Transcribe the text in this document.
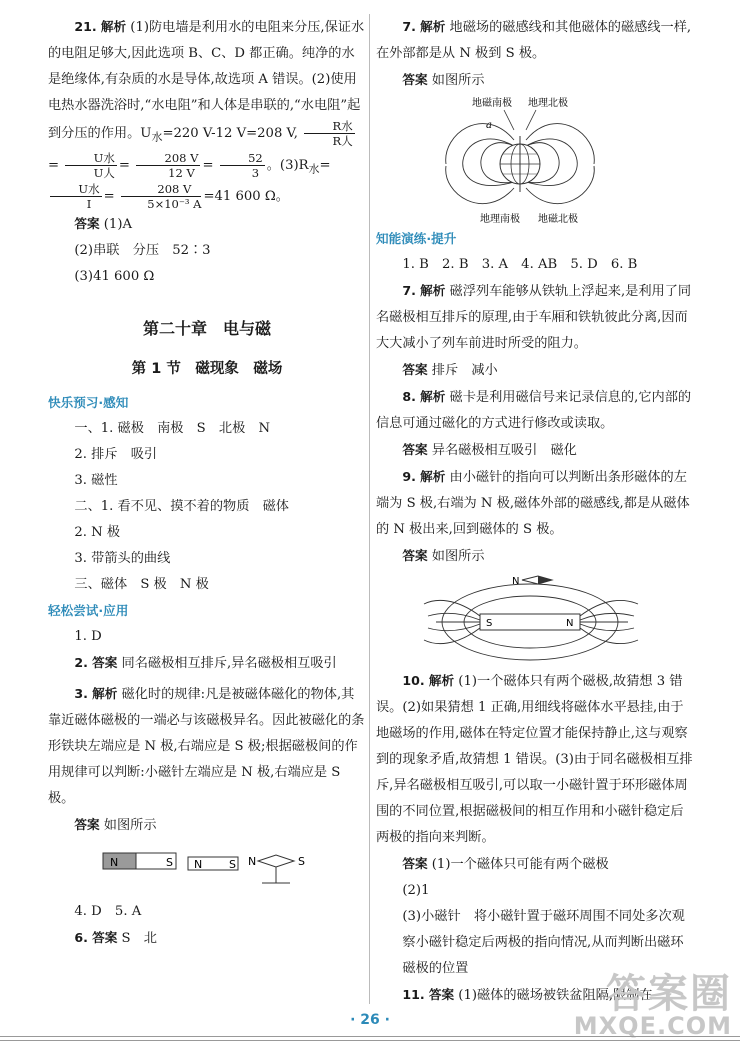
21. 解析 (1)防电墙是利用水的电阻来分压,保证水的电阻足够大,因此选项 B、C、D 都正确。纯净的水是绝缘体,有杂质的水是导体,故选项 A 错误。(2)使用电热水器洗浴时,“水电阻”和人体是串联的,“水电阻”起到分压的作用。$U_水=220$ V-12 V=208 V, $\frac{\text{R水}}{\text{R人}}$
= $\frac{\text{U水}}{\text{U人}} = \frac{208 V}{12 V} = \frac{52}{3}$ 。$(3)R_水=$
$\frac{\text{U水}}{I} = \frac{208 V}{\text{5×10⁻³ A}} =41$ 600 Ω。

答案 (1)A

(2)串联　分压　52∶3

(3)41 600 Ω

第二十章　电与磁
第 1 节　磁现象　磁场

快乐预习·感知

一、1. 磁极　南极　S　北极　N

2. 排斥　吸引

3. 磁性

二、1. 看不见、摸不着的物质　磁体

2. N 极

3. 带箭头的曲线

三、磁体　S 极　N 极

轻松尝试·应用

1. D

2. 答案 同名磁极相互排斥,异名磁极相互吸引

3. 解析 磁化时的规律:凡是被磁体磁化的物体,其靠近磁体磁极的一端必与该磁极异名。因此被磁化的条形铁块左端应是 N 极,右端应是 S 极;根据磁极间的作用规律可以判断:小磁针左端应是 N 极,右端应是 S 极。

答案 如图所示

N	S N S N	S

4. D　5. A

6. 答案 S　北

7. 解析 地磁场的磁感线和其他磁体的磁感线一样,在外部都是从 N 极到 S 极。

答案 如图所示

地磁南极 地理北极
a
地理南极 地磁北极

知能演练·提升

1. B　2. B　3. A　4. AB　5. D　6. B

7. 解析 磁浮列车能够从铁轨上浮起来,是利用了同名磁极相互排斥的原理,由于车厢和铁轨彼此分离,因而大大减小了列车前进时所受的阻力。

答案 排斥　减小

8. 解析 磁卡是利用磁信号来记录信息的,它内部的信息可通过磁化的方式进行修改或读取。

答案 异名磁极相互吸引　磁化

9. 解析 由小磁针的指向可以判断出条形磁体的左端为 S 极,右端为 N 极,磁体外部的磁感线,都是从磁体的 N 极出来,回到磁体的 S 极。

答案 如图所示

N
S	N

10. 解析 (1)一个磁体只有两个磁极,故猜想 3 错误。(2)如果猜想 1 正确,用细线将磁体水平悬挂,由于地磁场的作用,磁体在特定位置才能保持静止,这与观察到的现象矛盾,故猜想 1 错误。(3)由于同名磁极相互排斥,异名磁极相互吸引,可以取一小磁针置于环形磁体周围的不同位置,根据磁极间的相互作用和小磁针稳定后两极的指向来判断。

答案 (1)一个磁体只可能有两个磁极

(2)1

(3)小磁针　将小磁针置于磁环周围不同处多次观察小磁针稳定后两极的指向情况,从而判断出磁环磁极的位置

11. 答案 (1)磁体的磁场被铁盆阻隔,限制在

· 26 ·
答案圈
MXQE.COM
